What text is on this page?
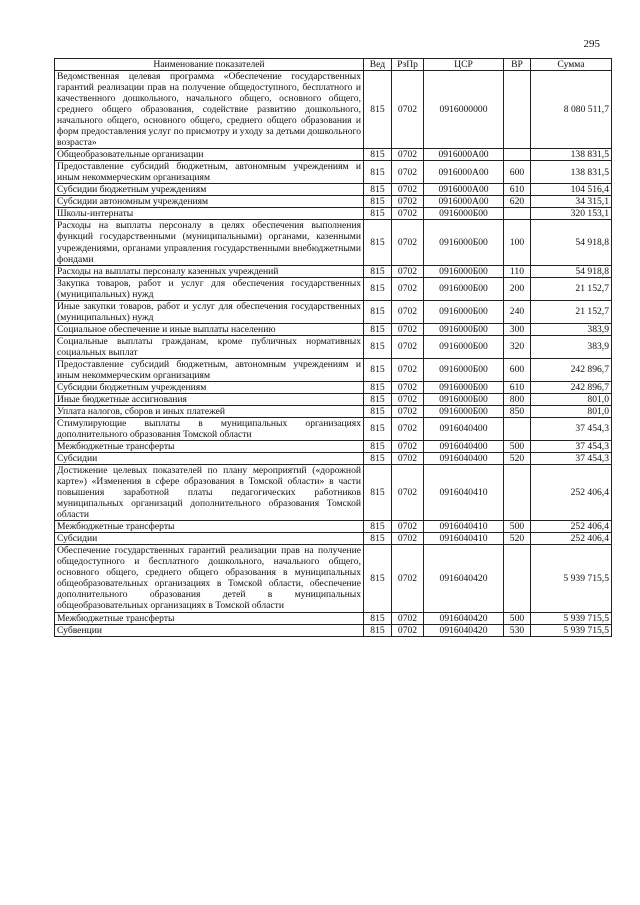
295
Наименование показателей	Вед	РзПр	ЦСР	ВР	Сумма
Ведомственная целевая программа «Обеспечение государственных гарантий реализации прав на получение общедоступного, бесплатного и качественного дошкольного, начального общего, основного общего, среднего общего образования, содействие развитию дошкольного, начального общего, основного общего, среднего общего образования и форм предоставления услуг по присмотру и уходу за детьми дошкольного возраста»	815	0702	0916000000		8 080 511,7
Общеобразовательные организации	815	0702	0916000А00		138 831,5
Предоставление субсидий бюджетным, автономным учреждениям и иным некоммерческим организациям	815	0702	0916000А00	600	138 831,5
Субсидии бюджетным учреждениям	815	0702	0916000А00	610	104 516,4
Субсидии автономным учреждениям	815	0702	0916000А00	620	34 315,1
Школы-интернаты	815	0702	0916000Б00		320 153,1
Расходы на выплаты персоналу в целях обеспечения выполнения функций государственными (муниципальными) органами, казенными учреждениями, органами управления государственными внебюджетными фондами	815	0702	0916000Б00	100	54 918,8
Расходы на выплаты персоналу казенных учреждений	815	0702	0916000Б00	110	54 918,8
Закупка товаров, работ и услуг для обеспечения государственных (муниципальных) нужд	815	0702	0916000Б00	200	21 152,7
Иные закупки товаров, работ и услуг для обеспечения государственных (муниципальных) нужд	815	0702	0916000Б00	240	21 152,7
Социальное обеспечение и иные выплаты населению	815	0702	0916000Б00	300	383,9
Социальные выплаты гражданам, кроме публичных нормативных социальных выплат	815	0702	0916000Б00	320	383,9
Предоставление субсидий бюджетным, автономным учреждениям и иным некоммерческим организациям	815	0702	0916000Б00	600	242 896,7
Субсидии бюджетным учреждениям	815	0702	0916000Б00	610	242 896,7
Иные бюджетные ассигнования	815	0702	0916000Б00	800	801,0
Уплата налогов, сборов и иных платежей	815	0702	0916000Б00	850	801,0
Стимулирующие выплаты в муниципальных организациях дополнительного образования Томской области	815	0702	0916040400		37 454,3
Межбюджетные трансферты	815	0702	0916040400	500	37 454,3
Субсидии	815	0702	0916040400	520	37 454,3
Достижение целевых показателей по плану мероприятий («дорожной карте») «Изменения в сфере образования в Томской области» в части повышения заработной платы педагогических работников муниципальных организаций дополнительного образования Томской области	815	0702	0916040410		252 406,4
Межбюджетные трансферты	815	0702	0916040410	500	252 406,4
Субсидии	815	0702	0916040410	520	252 406,4
Обеспечение государственных гарантий реализации прав на получение общедоступного и бесплатного дошкольного, начального общего, основного общего, среднего общего образования в муниципальных общеобразовательных организациях в Томской области, обеспечение дополнительного образования детей в муниципальных общеобразовательных организациях в Томской области	815	0702	0916040420		5 939 715,5
Межбюджетные трансферты	815	0702	0916040420	500	5 939 715,5
Субвенции	815	0702	0916040420	530	5 939 715,5
